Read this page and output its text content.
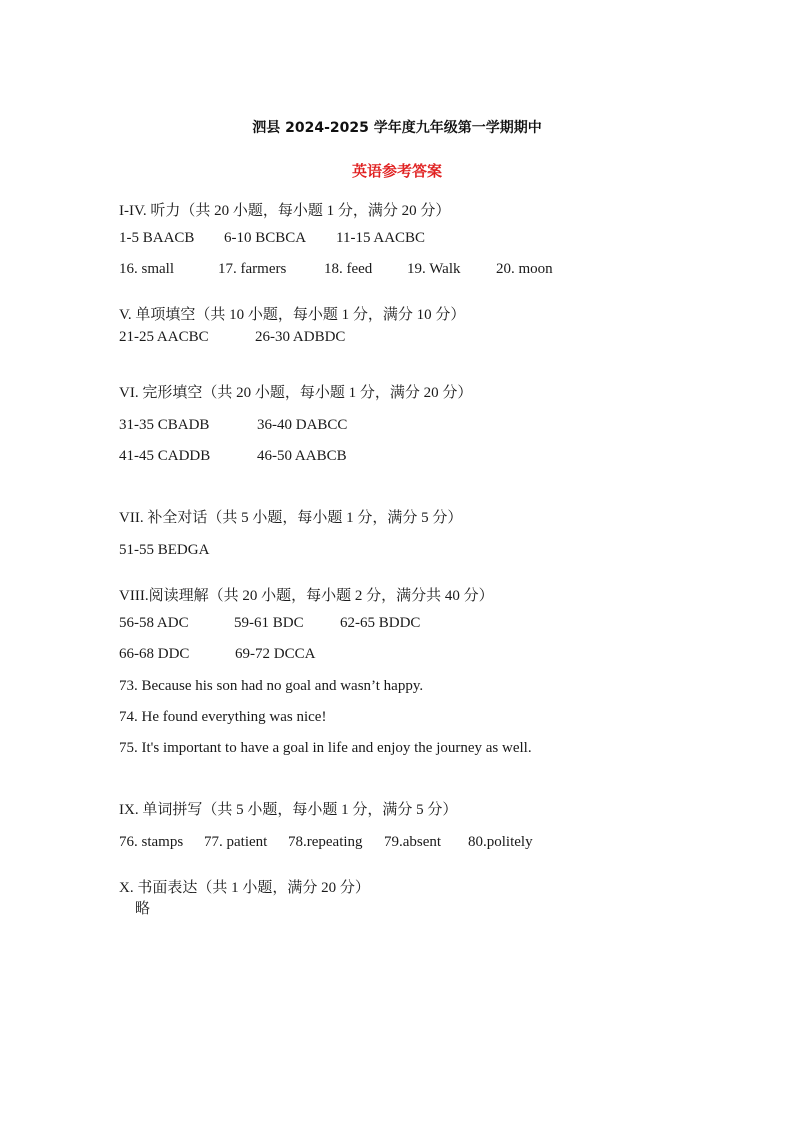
泗县 2024-2025 学年度九年级第一学期期中
英语参考答案
I-IV. 听力（共 20 小题，每小题 1 分，满分 20 分）
1-5 BAACB 6-10 BCBCA 11-15 AACBC
16. small	17. farmers	18. feed 19. Walk 20. moon
V. 单项填空（共 10 小题，每小题 1 分，满分 10 分）
21-25 AACBC	26-30 ADBDC
VI. 完形填空（共 20 小题，每小题 1 分，满分 20 分）
31-35 CBADB	36-40 DABCC
41-45 CADDB	46-50 AABCB
VII. 补全对话（共 5 小题，每小题 1 分，满分 5 分）
51-55 BEDGA
VIII.阅读理解（共 20 小题，每小题 2 分，满分共 40 分）
56-58 ADC	59-61 BDC 62-65 BDDC
66-68 DDC	69-72 DCCA
73. Because his son had no goal and wasn’t happy.
74. He found everything was nice!
75. It's important to have a goal in life and enjoy the journey as well.
IX. 单词拼写（共 5 小题，每小题 1 分，满分 5 分）
76. stamps 77. patient 78.repeating 79.absent 80.politely
X. 书面表达（共 1 小题，满分 20 分）
略
